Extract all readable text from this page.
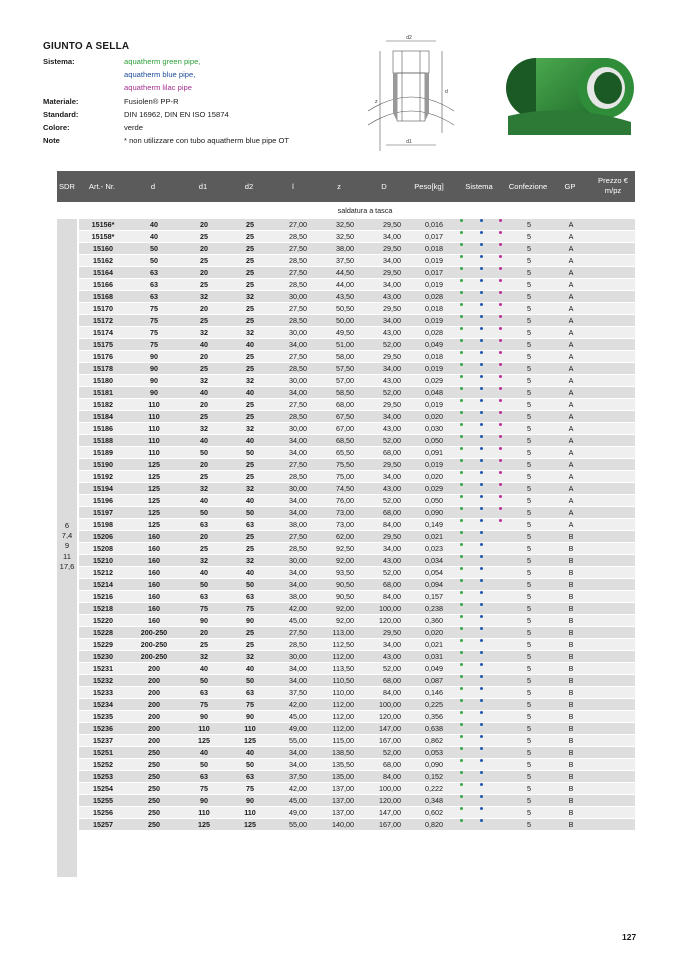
GIUNTO A SELLA
Sistema:	aquatherm green pipe,
aquatherm blue pipe,
aquatherm lilac pipe
Materiale:	Fusiolen® PP-R
Standard:	DIN 16962, DIN EN ISO 15874
Colore:	verde
Note	* non utilizzare con tubo aquatherm blue pipe OT
d2
d1
z
d
SDR Art.- Nr.	d	d1	d2	l	z	D	Peso[kg]	Sistema Confezione GP
Prezzo €
m/pz
saldatura a tasca
6
7,4
9
11
17,6
15156*	40	20	25	27,00	32,50	29,50	0,016	5	A
15158*	40	25	25	28,50	32,50	34,00	0,017	5	A
15160	50	20	25	27,50	38,00	29,50	0,018	5	A
15162	50	25	25	28,50	37,50	34,00	0,019	5	A
15164	63	20	25	27,50	44,50	29,50	0,017	5	A
15166	63	25	25	28,50	44,00	34,00	0,019	5	A
15168	63	32	32	30,00	43,50	43,00	0,028	5	A
15170	75	20	25	27,50	50,50	29,50	0,018	5	A
15172	75	25	25	28,50	50,00	34,00	0,019	5	A
15174	75	32	32	30,00	49,50	43,00	0,028	5	A
15175	75	40	40	34,00	51,00	52,00	0,049	5	A
15176	90	20	25	27,50	58,00	29,50	0,018	5	A
15178	90	25	25	28,50	57,50	34,00	0,019	5	A
15180	90	32	32	30,00	57,00	43,00	0,029	5	A
15181	90	40	40	34,00	58,50	52,00	0,048	5	A
15182	110	20	25	27,50	68,00	29,50	0,019	5	A
15184	110	25	25	28,50	67,50	34,00	0,020	5	A
15186	110	32	32	30,00	67,00	43,00	0,030	5	A
15188	110	40	40	34,00	68,50	52,00	0,050	5	A
15189	110	50	50	34,00	65,50	68,00	0,091	5	A
15190	125	20	25	27,50	75,50	29,50	0,019	5	A
15192	125	25	25	28,50	75,00	34,00	0,020	5	A
15194	125	32	32	30,00	74,50	43,00	0,029	5	A
15196	125	40	40	34,00	76,00	52,00	0,050	5	A
15197	125	50	50	34,00	73,00	68,00	0,090	5	A
15198	125	63	63	38,00	73,00	84,00	0,149	5	A
15206	160	20	25	27,50	62,00	29,50	0,021	5	B
15208	160	25	25	28,50	92,50	34,00	0,023	5	B
15210	160	32	32	30,00	92,00	43,00	0,034	5	B
15212	160	40	40	34,00	93,50	52,00	0,054	5	B
15214	160	50	50	34,00	90,50	68,00	0,094	5	B
15216	160	63	63	38,00	90,50	84,00	0,157	5	B
15218	160	75	75	42,00	92,00	100,00	0,238	5	B
15220	160	90	90	45,00	92,00	120,00	0,360	5	B
15228	200-250	20	25	27,50	113,00	29,50	0,020	5	B
15229	200-250	25	25	28,50	112,50	34,00	0,021	5	B
15230	200-250	32	32	30,00	112,00	43,00	0,031	5	B
15231	200	40	40	34,00	113,50	52,00	0,049	5	B
15232	200	50	50	34,00	110,50	68,00	0,087	5	B
15233	200	63	63	37,50	110,00	84,00	0,146	5	B
15234	200	75	75	42,00	112,00	100,00	0,225	5	B
15235	200	90	90	45,00	112,00	120,00	0,356	5	B
15236	200	110	110	49,00	112,00	147,00	0,638	5	B
15237	200	125	125	55,00	115,00	167,00	0,862	5	B
15251	250	40	40	34,00	138,50	52,00	0,053	5	B
15252	250	50	50	34,00	135,50	68,00	0,090	5	B
15253	250	63	63	37,50	135,00	84,00	0,152	5	B
15254	250	75	75	42,00	137,00	100,00	0,222	5	B
15255	250	90	90	45,00	137,00	120,00	0,348	5	B
15256	250	110	110	49,00	137,00	147,00	0,602	5	B
15257	250	125	125	55,00	140,00	167,00	0,820	5	B
127
